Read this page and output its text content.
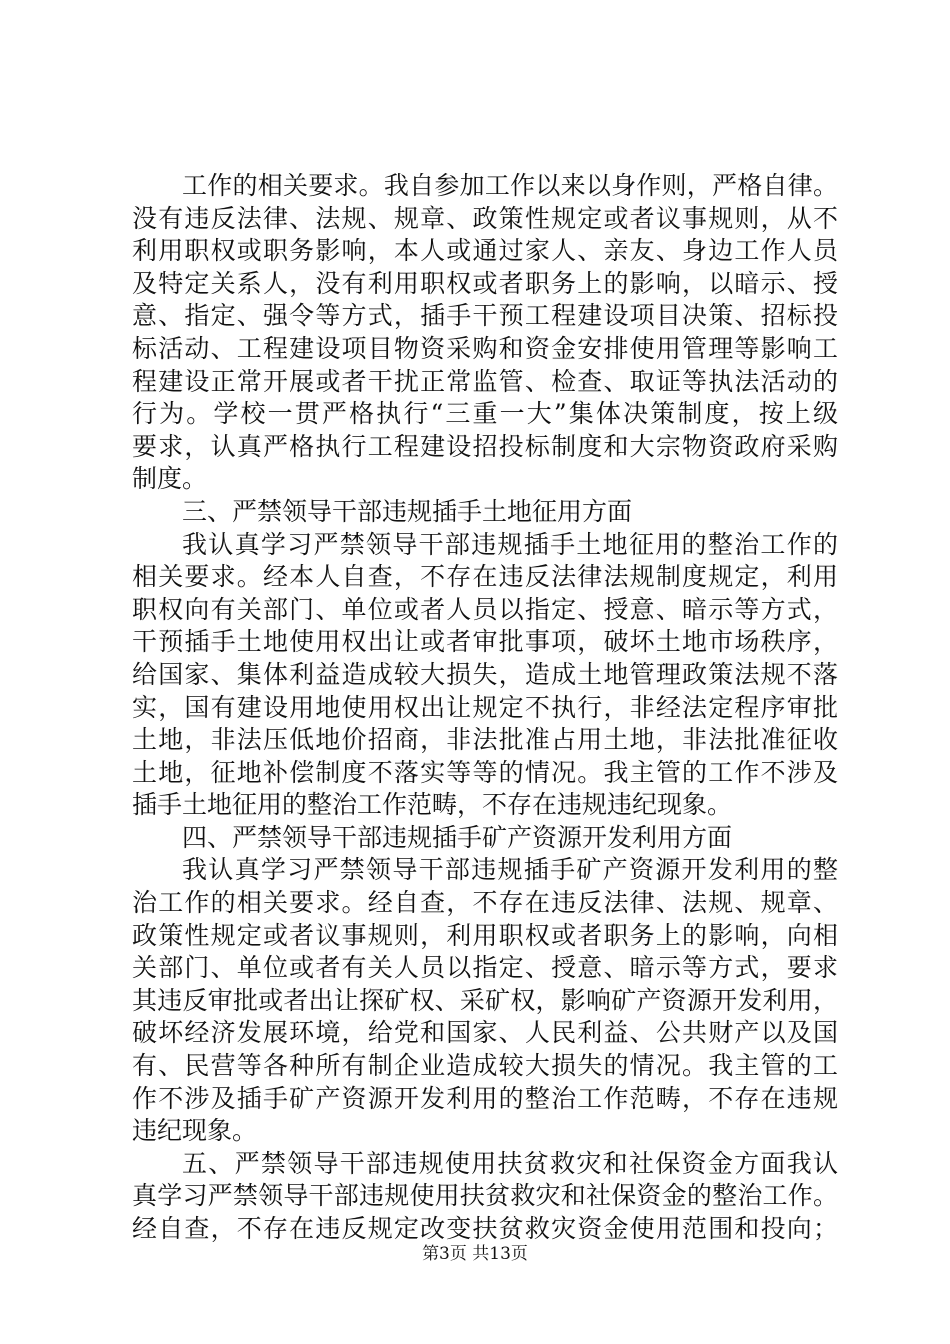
工作的相关要求。我自参加工作以来以身作则，严格自律。
没有违反法律、法规、规章、政策性规定或者议事规则，从不
利用职权或职务影响，本人或通过家人、亲友、身边工作人员
及特定关系人，没有利用职权或者职务上的影响，以暗示、授
意、指定、强令等方式，插手干预工程建设项目决策、招标投
标活动、工程建设项目物资采购和资金安排使用管理等影响工
程建设正常开展或者干扰正常监管、检查、取证等执法活动的
行为。学校一贯严格执行“三重一大”集体决策制度，按上级
要求，认真严格执行工程建设招投标制度和大宗物资政府采购
制度。
三、严禁领导干部违规插手土地征用方面
我认真学习严禁领导干部违规插手土地征用的整治工作的
相关要求。经本人自查，不存在违反法律法规制度规定，利用
职权向有关部门、单位或者人员以指定、授意、暗示等方式，
干预插手土地使用权出让或者审批事项，破坏土地市场秩序，
给国家、集体利益造成较大损失，造成土地管理政策法规不落
实，国有建设用地使用权出让规定不执行，非经法定程序审批
土地，非法压低地价招商，非法批准占用土地，非法批准征收
土地，征地补偿制度不落实等等的情况。我主管的工作不涉及
插手土地征用的整治工作范畴，不存在违规违纪现象。
四、严禁领导干部违规插手矿产资源开发利用方面
我认真学习严禁领导干部违规插手矿产资源开发利用的整
治工作的相关要求。经自查，不存在违反法律、法规、规章、
政策性规定或者议事规则，利用职权或者职务上的影响，向相
关部门、单位或者有关人员以指定、授意、暗示等方式，要求
其违反审批或者出让探矿权、采矿权，影响矿产资源开发利用，
破坏经济发展环境，给党和国家、人民利益、公共财产以及国
有、民营等各种所有制企业造成较大损失的情况。我主管的工
作不涉及插手矿产资源开发利用的整治工作范畴，不存在违规
违纪现象。
五、严禁领导干部违规使用扶贫救灾和社保资金方面我认
真学习严禁领导干部违规使用扶贫救灾和社保资金的整治工作。
经自查，不存在违反规定改变扶贫救灾资金使用范围和投向；
第3页 共13页
